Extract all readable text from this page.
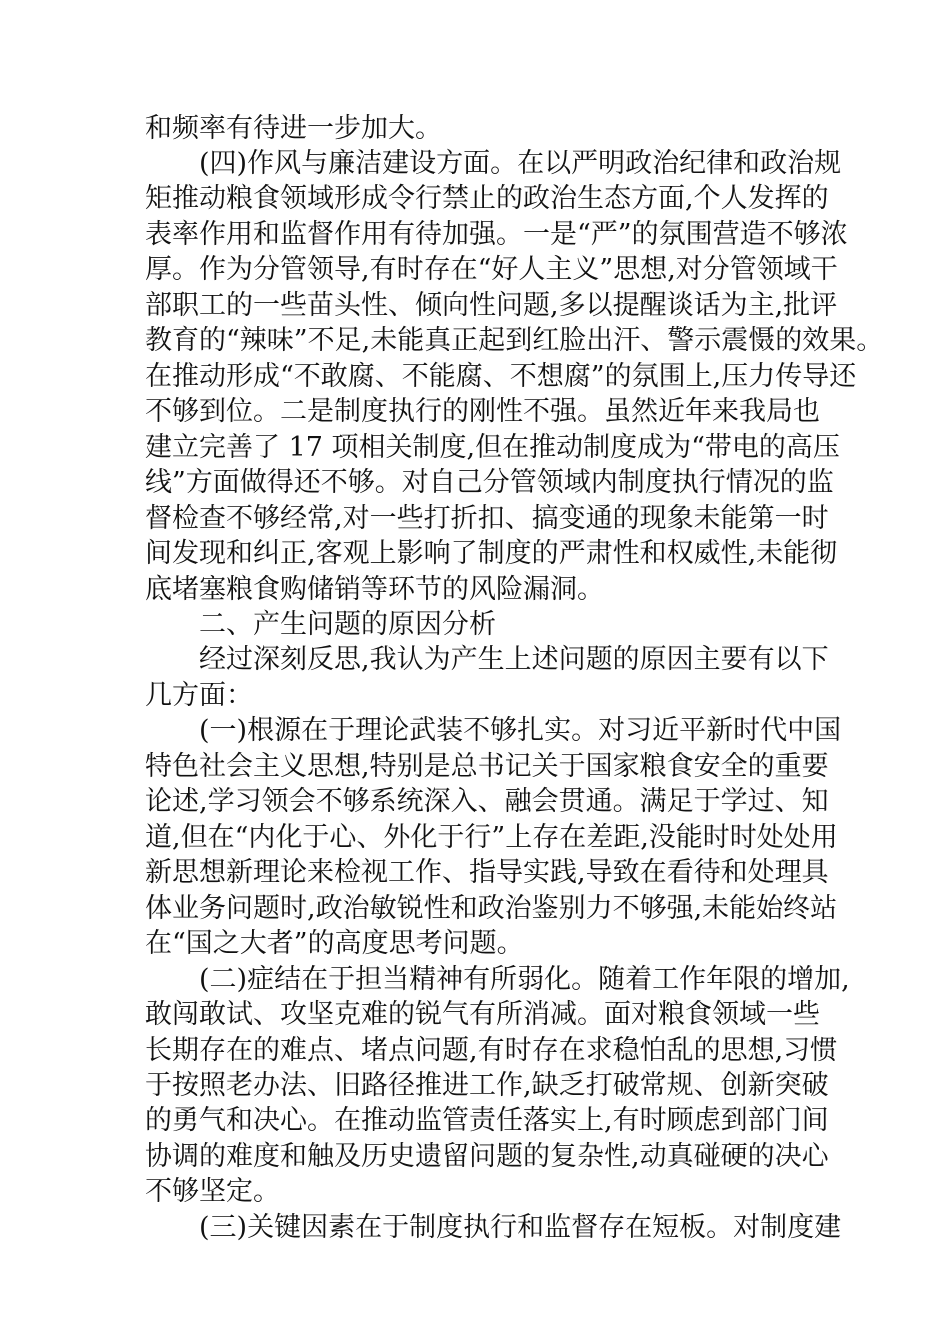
和频率有待进一步加大。
(四)作风与廉洁建设方面。在以严明政治纪律和政治规
矩推动粮食领域形成令行禁止的政治生态方面,个人发挥的
表率作用和监督作用有待加强。一是“严”的氛围营造不够浓
厚。作为分管领导,有时存在“好人主义”思想,对分管领域干
部职工的一些苗头性、倾向性问题,多以提醒谈话为主,批评
教育的“辣味”不足,未能真正起到红脸出汗、警示震慑的效果。
在推动形成“不敢腐、不能腐、不想腐”的氛围上,压力传导还
不够到位。二是制度执行的刚性不强。虽然近年来我局也
建立完善了 17 项相关制度,但在推动制度成为“带电的高压
线”方面做得还不够。对自己分管领域内制度执行情况的监
督检查不够经常,对一些打折扣、搞变通的现象未能第一时
间发现和纠正,客观上影响了制度的严肃性和权威性,未能彻
底堵塞粮食购储销等环节的风险漏洞。
二、产生问题的原因分析
经过深刻反思,我认为产生上述问题的原因主要有以下
几方面：
(一)根源在于理论武装不够扎实。对习近平新时代中国
特色社会主义思想,特别是总书记关于国家粮食安全的重要
论述,学习领会不够系统深入、融会贯通。满足于学过、知
道,但在“内化于心、外化于行”上存在差距,没能时时处处用
新思想新理论来检视工作、指导实践,导致在看待和处理具
体业务问题时,政治敏锐性和政治鉴别力不够强,未能始终站
在“国之大者”的高度思考问题。
(二)症结在于担当精神有所弱化。随着工作年限的增加,
敢闯敢试、攻坚克难的锐气有所消减。面对粮食领域一些
长期存在的难点、堵点问题,有时存在求稳怕乱的思想,习惯
于按照老办法、旧路径推进工作,缺乏打破常规、创新突破
的勇气和决心。在推动监管责任落实上,有时顾虑到部门间
协调的难度和触及历史遗留问题的复杂性,动真碰硬的决心
不够坚定。
(三)关键因素在于制度执行和监督存在短板。对制度建
